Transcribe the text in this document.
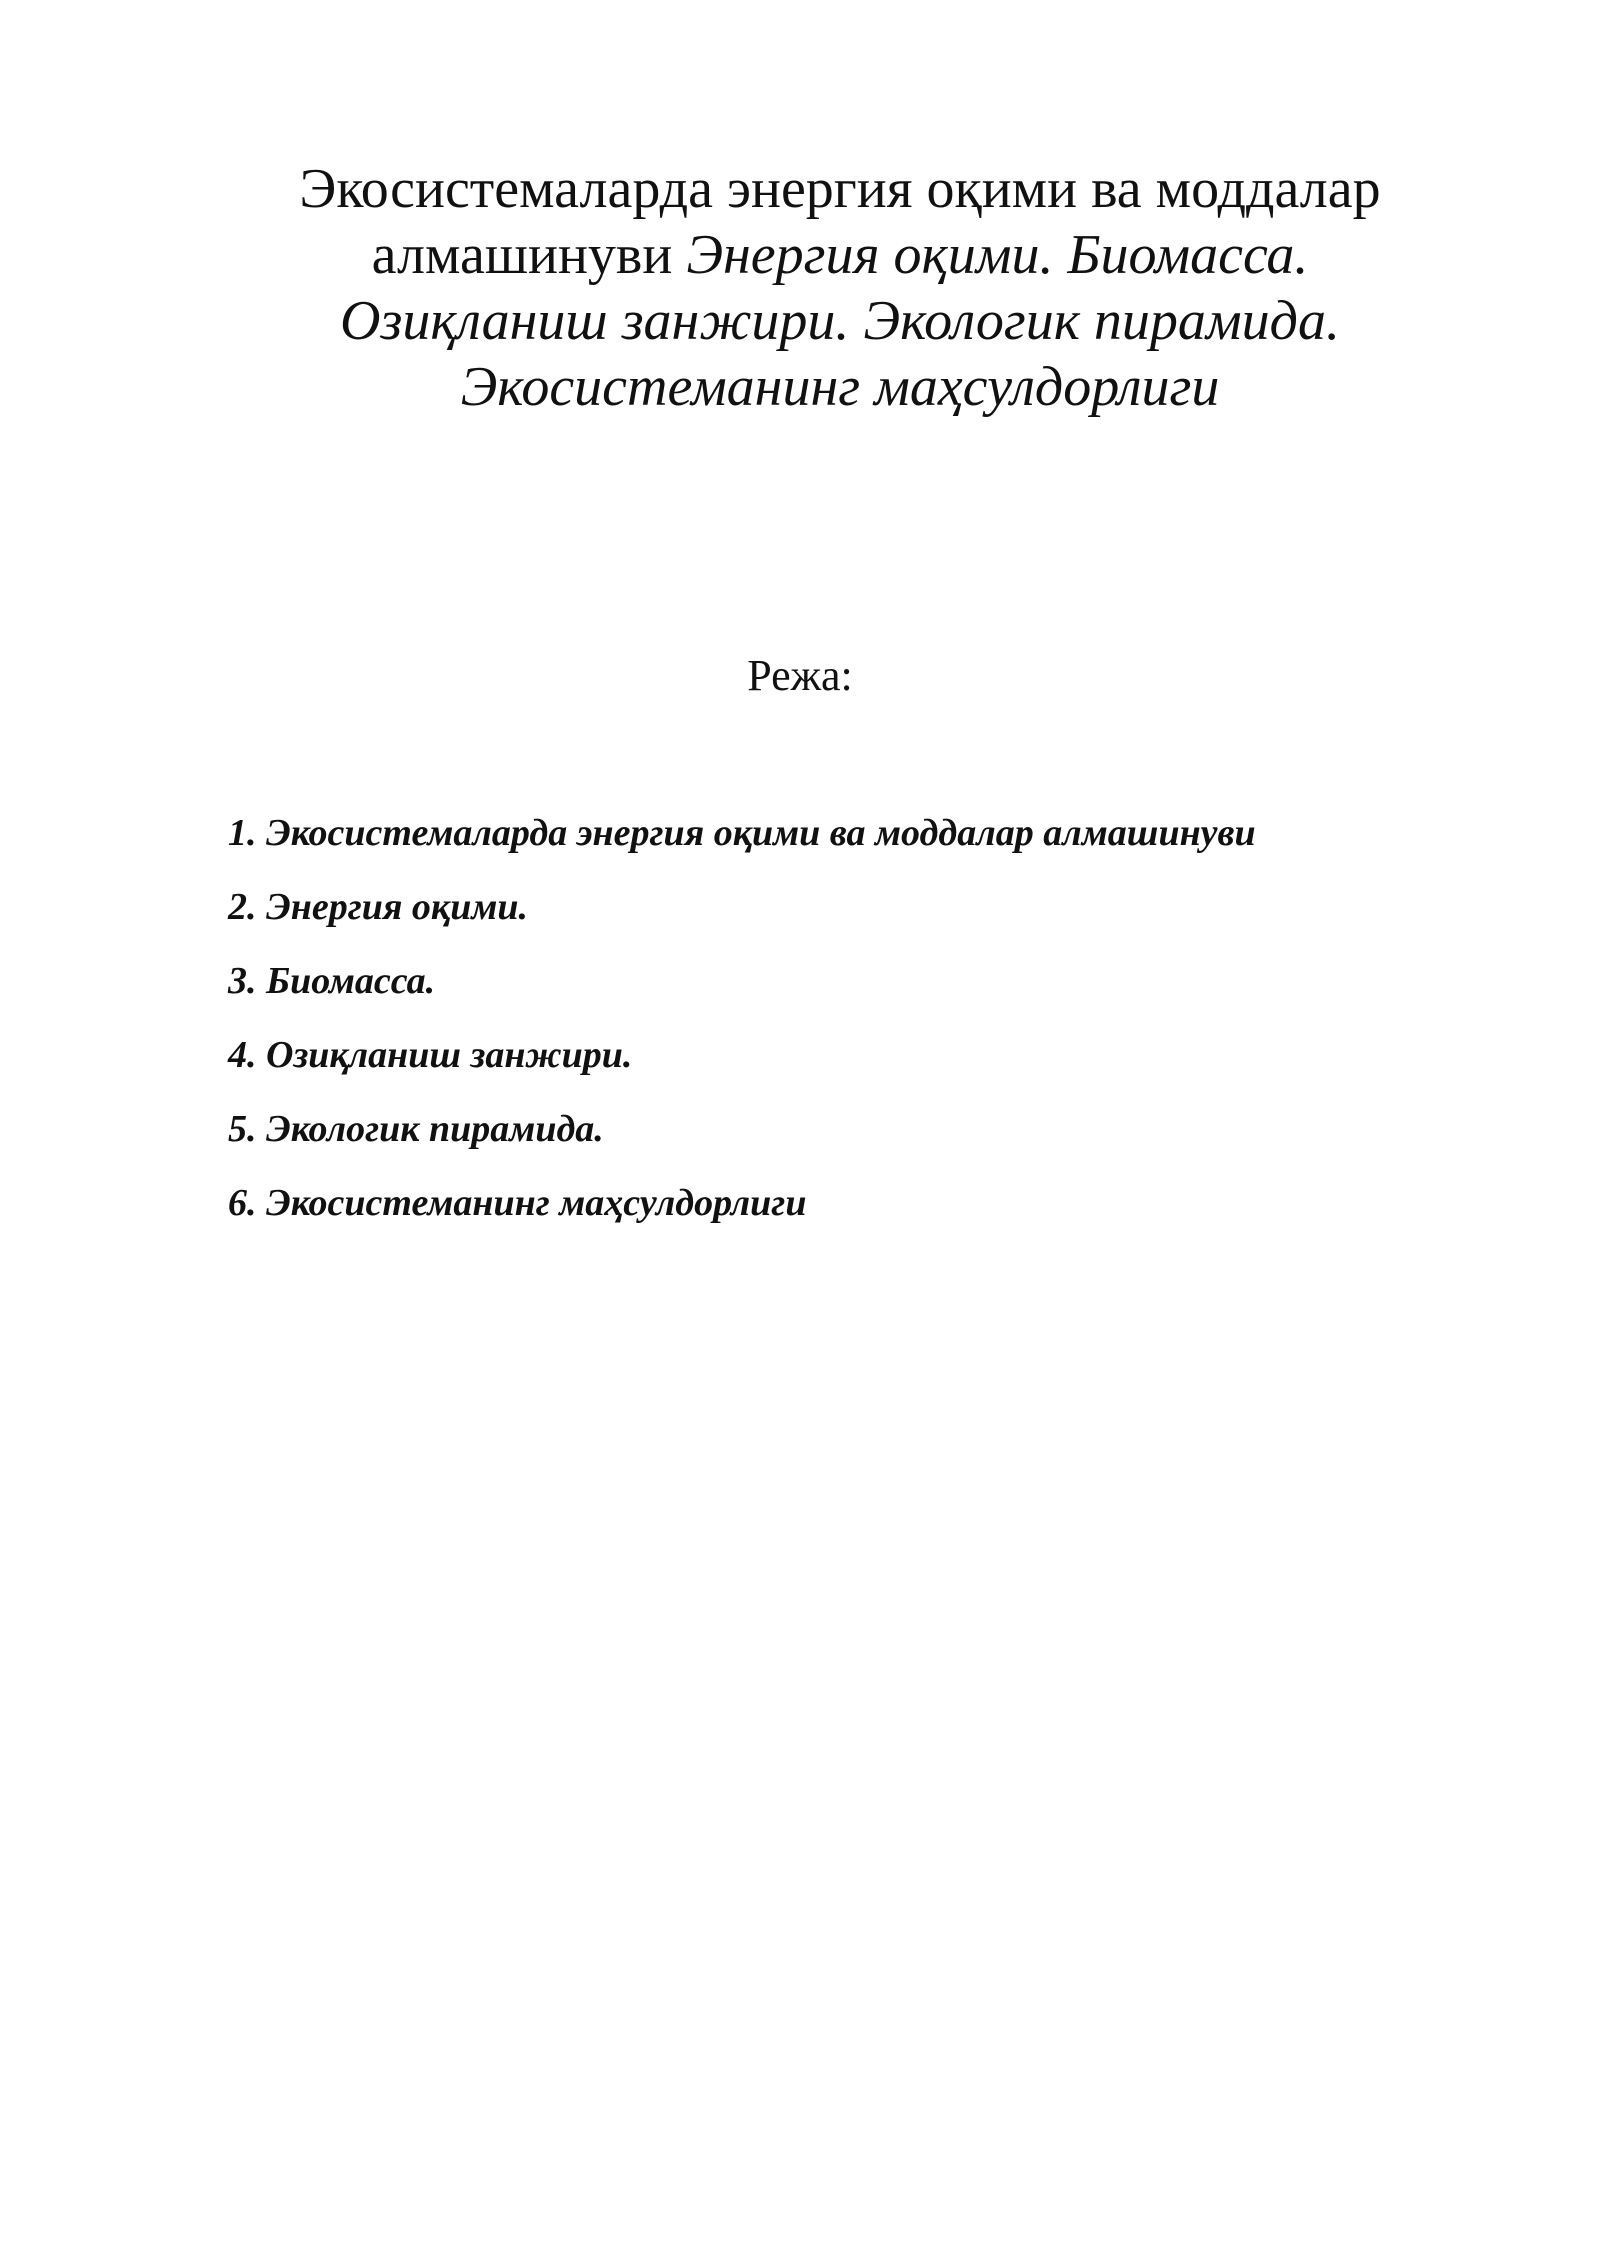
Экосистемаларда энергия оқими ва моддалар
алмашинуви Энергия оқими. Биомасса.
Озиқланиш занжири. Экологик пирамида.
Экосистеманинг маҳсулдорлиги

Режа:

1. Экосистемаларда энергия оқими ва моддалар алмашинуви
2. Энергия оқими.
3. Биомасса.
4. Озиқланиш занжири.
5. Экологик пирамида.
6. Экосистеманинг маҳсулдорлиги
